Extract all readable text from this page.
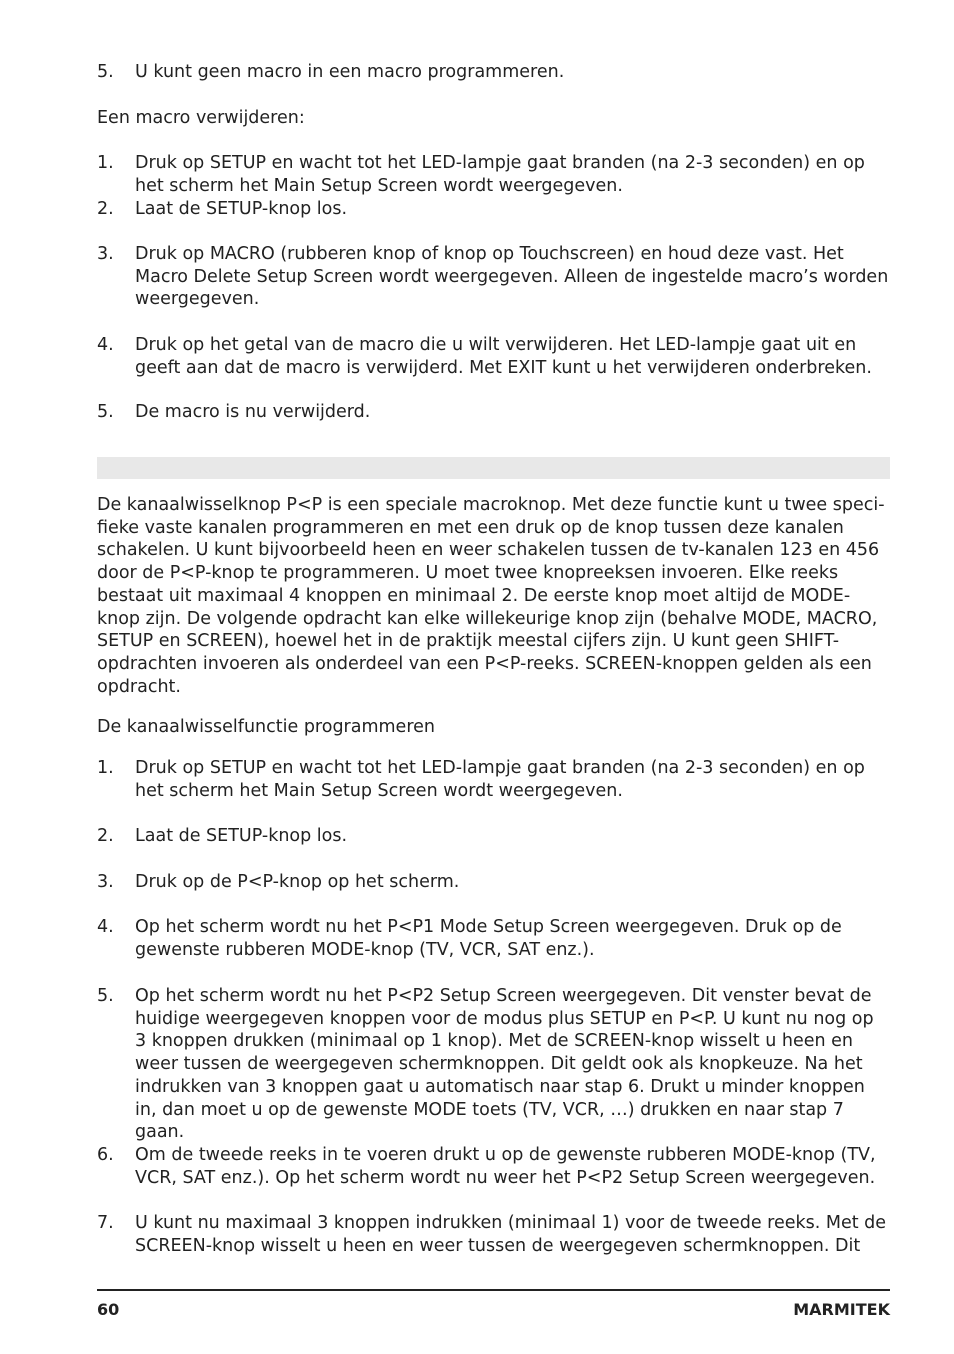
5.	U kunt geen macro in een macro programmeren.

Een macro verwijderen:

1.	Druk op SETUP en wacht tot het LED-lampje gaat branden (na 2-3 seconden) en op het scherm het Main Setup Screen wordt weergegeven.
2.	Laat de SETUP-knop los.
3.	Druk op MACRO (rubberen knop of knop op Touchscreen) en houd deze vast. Het Macro Delete Setup Screen wordt weergegeven. Alleen de ingestelde macro’s worden weergegeven.
4.	Druk op het getal van de macro die u wilt verwijderen. Het LED-lampje gaat uit en geeft aan dat de macro is verwijderd. Met EXIT kunt u het verwijderen onderbreken.
5.	De macro is nu verwijderd.

De kanaalwisselknop P<P is een speciale macroknop. Met deze functie kunt u twee speci- fieke vaste kanalen programmeren en met een druk op de knop tussen deze kanalen schakelen. U kunt bijvoorbeeld heen en weer schakelen tussen de tv-kanalen 123 en 456 door de P<P-knop te programmeren. U moet twee knopreeksen invoeren. Elke reeks bestaat uit maximaal 4 knoppen en minimaal 2. De eerste knop moet altijd de MODE- knop zijn. De volgende opdracht kan elke willekeurige knop zijn (behalve MODE, MACRO, SETUP en SCREEN), hoewel het in de praktijk meestal cijfers zijn. U kunt geen SHIFT-opdrachten invoeren als onderdeel van een P<P-reeks. SCREEN-knoppen gelden als een opdracht.

De kanaalwisselfunctie programmeren

1.	Druk op SETUP en wacht tot het LED-lampje gaat branden (na 2-3 seconden) en op het scherm het Main Setup Screen wordt weergegeven.
2.	Laat de SETUP-knop los.
3.	Druk op de P<P-knop op het scherm.
4.	Op het scherm wordt nu het P<P1 Mode Setup Screen weergegeven. Druk op de gewenste rubberen MODE-knop (TV, VCR, SAT enz.).
5.	Op het scherm wordt nu het P<P2 Setup Screen weergegeven. Dit venster bevat de huidige weergegeven knoppen voor de modus plus SETUP en P<P. U kunt nu nog op 3 knoppen drukken (minimaal op 1 knop). Met de SCREEN-knop wisselt u heen en weer tussen de weergegeven schermknoppen. Dit geldt ook als knopkeuze. Na het indrukken van 3 knoppen gaat u automatisch naar stap 6. Drukt u minder knoppen in, dan moet u op de gewenste MODE toets (TV, VCR, …) drukken en naar stap 7 gaan.
6.	Om de tweede reeks in te voeren drukt u op de gewenste rubberen MODE-knop (TV, VCR, SAT enz.). Op het scherm wordt nu weer het P<P2 Setup Screen weergegeven.
7.	U kunt nu maximaal 3 knoppen indrukken (minimaal 1) voor de tweede reeks. Met de SCREEN-knop wisselt u heen en weer tussen de weergegeven schermknoppen. Dit
60	MARMITEK
